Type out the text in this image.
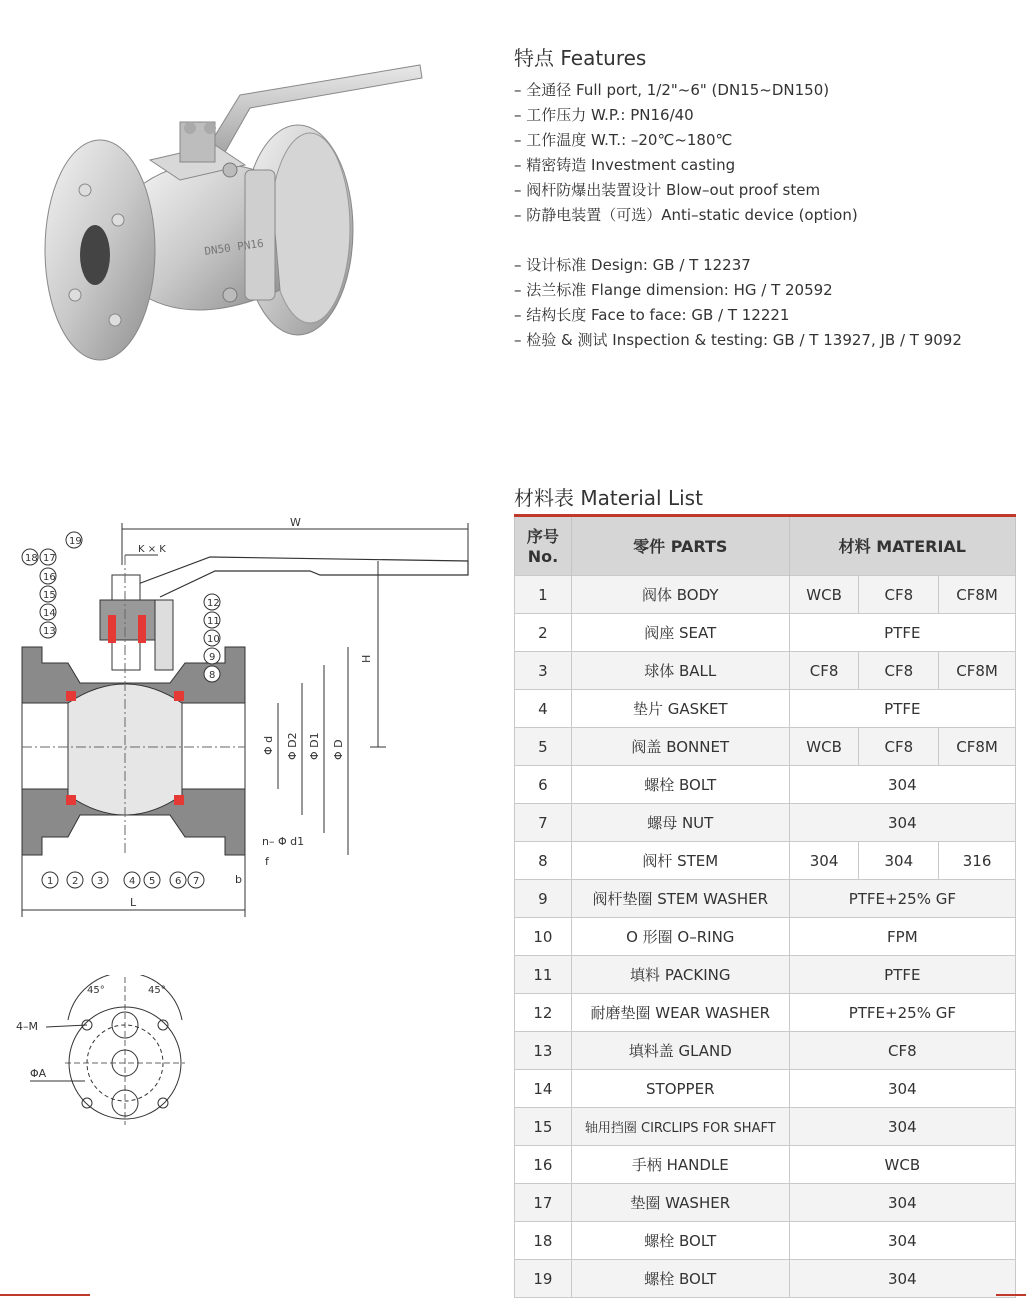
DN50 PN16
特点 Features
– 全通径 Full port, 1/2"~6" (DN15~DN150)
– 工作压力 W.P.: PN16/40
– 工作温度 W.T.: –20℃~180℃
– 精密铸造 Investment casting
– 阀杆防爆出装置设计 Blow–out proof stem
– 防静电装置（可选）Anti–static device (option)
– 设计标准 Design: GB / T 12237
– 法兰标准 Flange dimension: HG / T 20592
– 结构长度 Face to face: GB / T 12221
– 检验 & 测试 Inspection & testing: GB / T 13927, JB / T 9092
W
K × K
H
Φ d Φ D2 Φ D1 Φ D
n– Φ d1
f
b
L
19
18 17
16
15
14
13
12
11
10
9
8
1 2 3	4 5 6 7
45°	45°
4–M
ΦA
材料表 Material List
序号No.	零件 PARTS	材料 MATERIAL		
1	阀体 BODY	WCB	CF8	CF8M
2	阀座 SEAT	PTFE		
3	球体 BALL	CF8	CF8	CF8M
4	垫片 GASKET	PTFE		
5	阀盖 BONNET	WCB	CF8	CF8M
6	螺栓 BOLT	304		
7	螺母 NUT	304		
8	阀杆 STEM	304	304	316
9	阀杆垫圈 STEM WASHER	PTFE+25% GF		
10	O 形圈 O–RING	FPM		
11	填料 PACKING	PTFE		
12	耐磨垫圈 WEAR WASHER	PTFE+25% GF		
13	填料盖 GLAND	CF8		
14	STOPPER	304		
15	轴用挡圈 CIRCLIPS FOR SHAFT	304		
16	手柄 HANDLE	WCB		
17	垫圈 WASHER	304		
18	螺栓 BOLT	304		
19	螺栓 BOLT	304		
